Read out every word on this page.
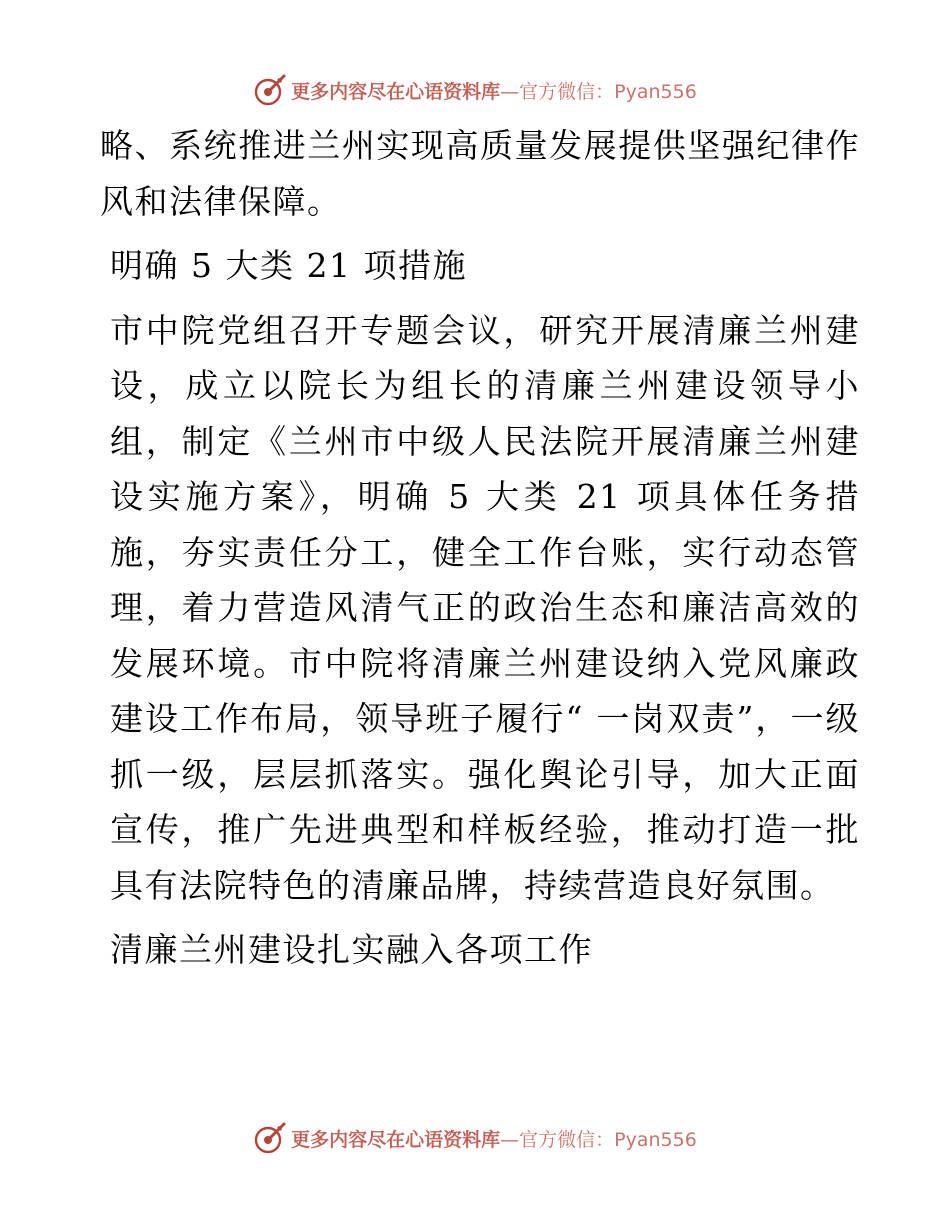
更多内容尽在心语资料库—官方微信：Pyan556

略、系统推进兰州实现高质量发展提供坚强纪律作风和法律保障。

明确 5 大类 21 项措施

市中院党组召开专题会议，研究开展清廉兰州建设，成立以院长为组长的清廉兰州建设领导小组，制定《兰州市中级人民法院开展清廉兰州建设实施方案》，明确 5 大类 21 项具体任务措施，夯实责任分工，健全工作台账，实行动态管理，着力营造风清气正的政治生态和廉洁高效的发展环境。市中院将清廉兰州建设纳入党风廉政建设工作布局，领导班子履行“ 一岗双责”，一级抓一级，层层抓落实。强化舆论引导，加大正面宣传，推广先进典型和样板经验，推动打造一批具有法院特色的清廉品牌，持续营造良好氛围。

清廉兰州建设扎实融入各项工作

更多内容尽在心语资料库—官方微信：Pyan556
